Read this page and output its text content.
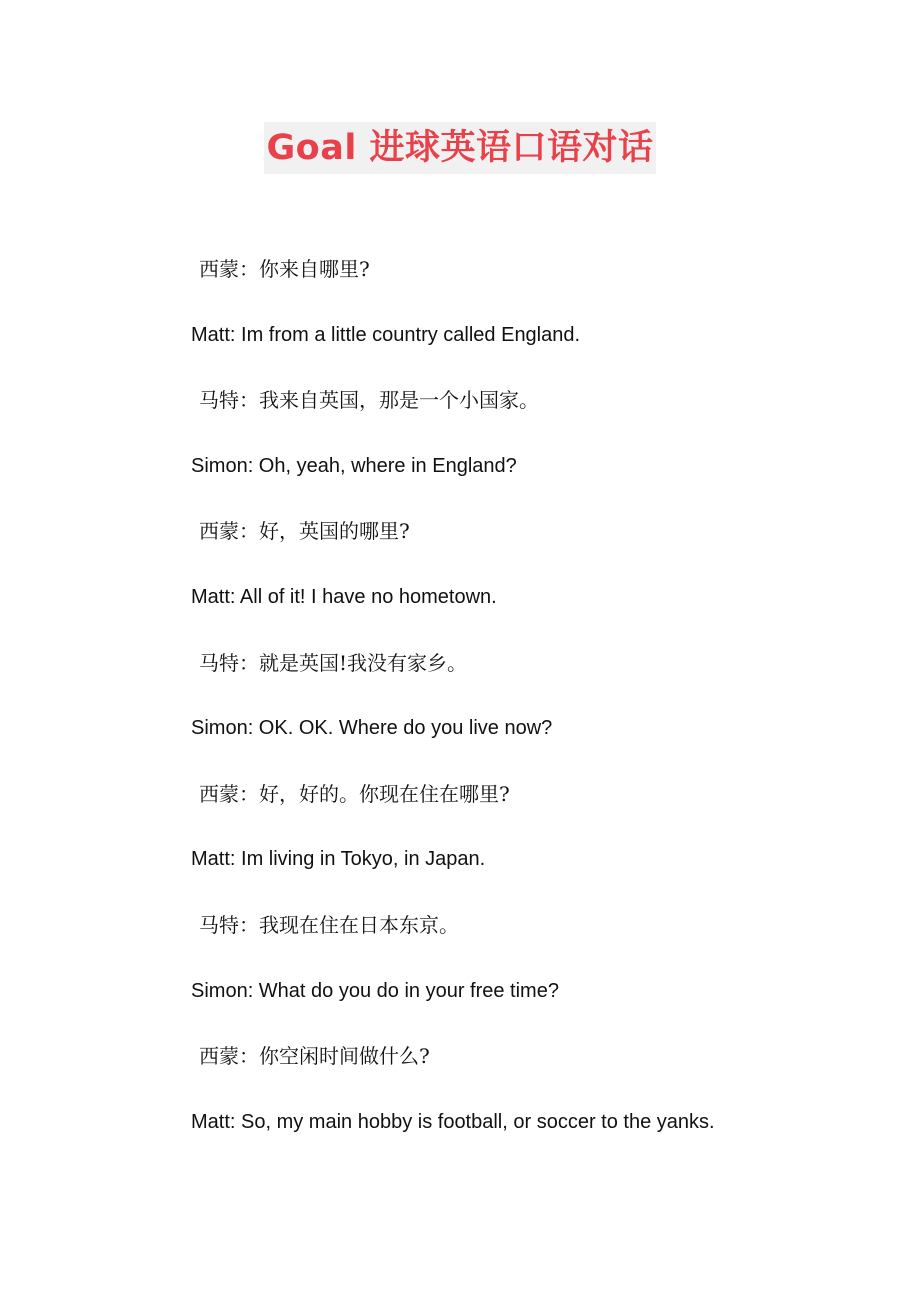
Goal 进球英语口语对话
西蒙：你来自哪里?
Matt: Im from a little country called England.
马特：我来自英国，那是一个小国家。
Simon: Oh, yeah, where in England?
西蒙：好，英国的哪里?
Matt: All of it! I have no hometown.
马特：就是英国!我没有家乡。
Simon: OK. OK. Where do you live now?
西蒙：好，好的。你现在住在哪里?
Matt: Im living in Tokyo, in Japan.
马特：我现在住在日本东京。
Simon: What do you do in your free time?
西蒙：你空闲时间做什么?
Matt: So, my main hobby is football, or soccer to the yanks.
